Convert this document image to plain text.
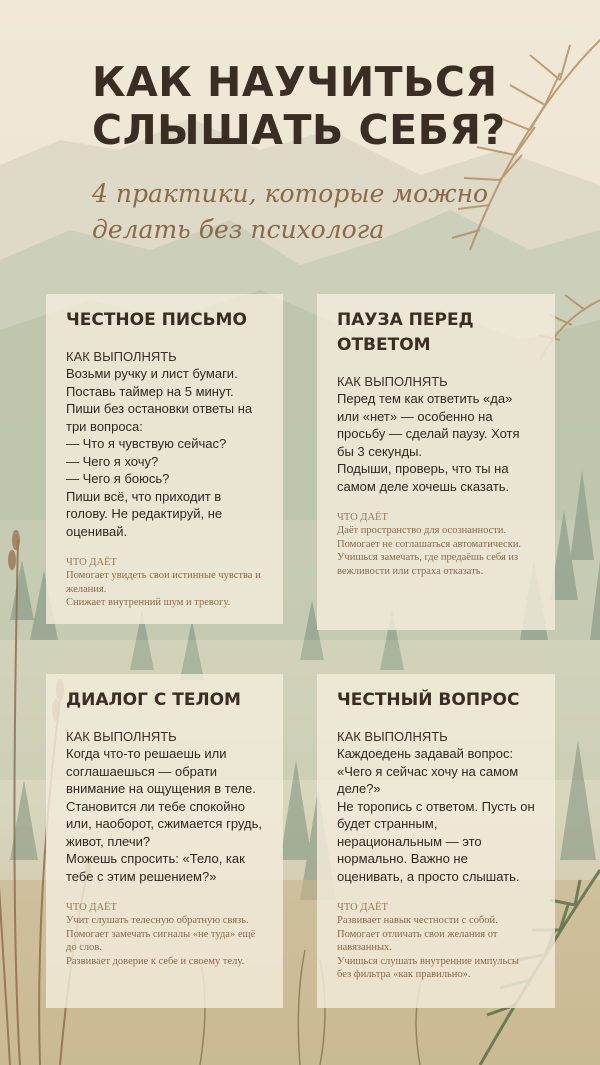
КАК НАУЧИТЬСЯ
СЛЫШАТЬ СЕБЯ?
4 практики, которые можно
делать без психолога
ЧЕСТНОЕ ПИСЬМО
КАК ВЫПОЛНЯТЬ

Возьми ручку и лист бумаги.

Поставь таймер на 5 минут.

Пиши без остановки ответы на три вопроса:

— Что я чувствую сейчас?

— Чего я хочу?

— Чего я боюсь?

Пиши всё, что приходит в голову. Не редактируй, не оценивай.

ЧТО ДАЁТ

Помогает увидеть свои истинные чувства и желания.

Снижает внутренний шум и тревогу.

ПАУЗА ПЕРЕД ОТВЕТОМ
КАК ВЫПОЛНЯТЬ

Перед тем как ответить «да» или «нет» — особенно на просьбу — сделай паузу. Хотя бы 3 секунды.

Подыши, проверь, что ты на самом деле хочешь сказать.

ЧТО ДАЁТ

Даёт пространство для осознанности.

Помогает не соглашаться автоматически.

Учишься замечать, где предаёшь себя из вежливости или страха отказать.

ДИАЛОГ С ТЕЛОМ
КАК ВЫПОЛНЯТЬ

Когда что-то решаешь или соглашаешься — обрати внимание на ощущения в теле.

Становится ли тебе спокойно или, наоборот, сжимается грудь, живот, плечи?

Можешь спросить: «Тело, как тебе с этим решением?»

ЧТО ДАЁТ

Учит слушать телесную обратную связь.

Помогает замечать сигналы «не туда» ещё до слов.

Развивает доверие к себе и своему телу.

ЧЕСТНЫЙ ВОПРОС
КАК ВЫПОЛНЯТЬ

Каждоедень задавай вопрос: «Чего я сейчас хочу на самом деле?»

Не торопись с ответом. Пусть он будет странным, нерациональным — это нормально. Важно не оценивать, а просто слышать.

ЧТО ДАЁТ

Развивает навык честности с собой.

Помогает отличать свои желания от навязанных.

Учишься слушать внутренние импульсы без фильтра «как правильно».
